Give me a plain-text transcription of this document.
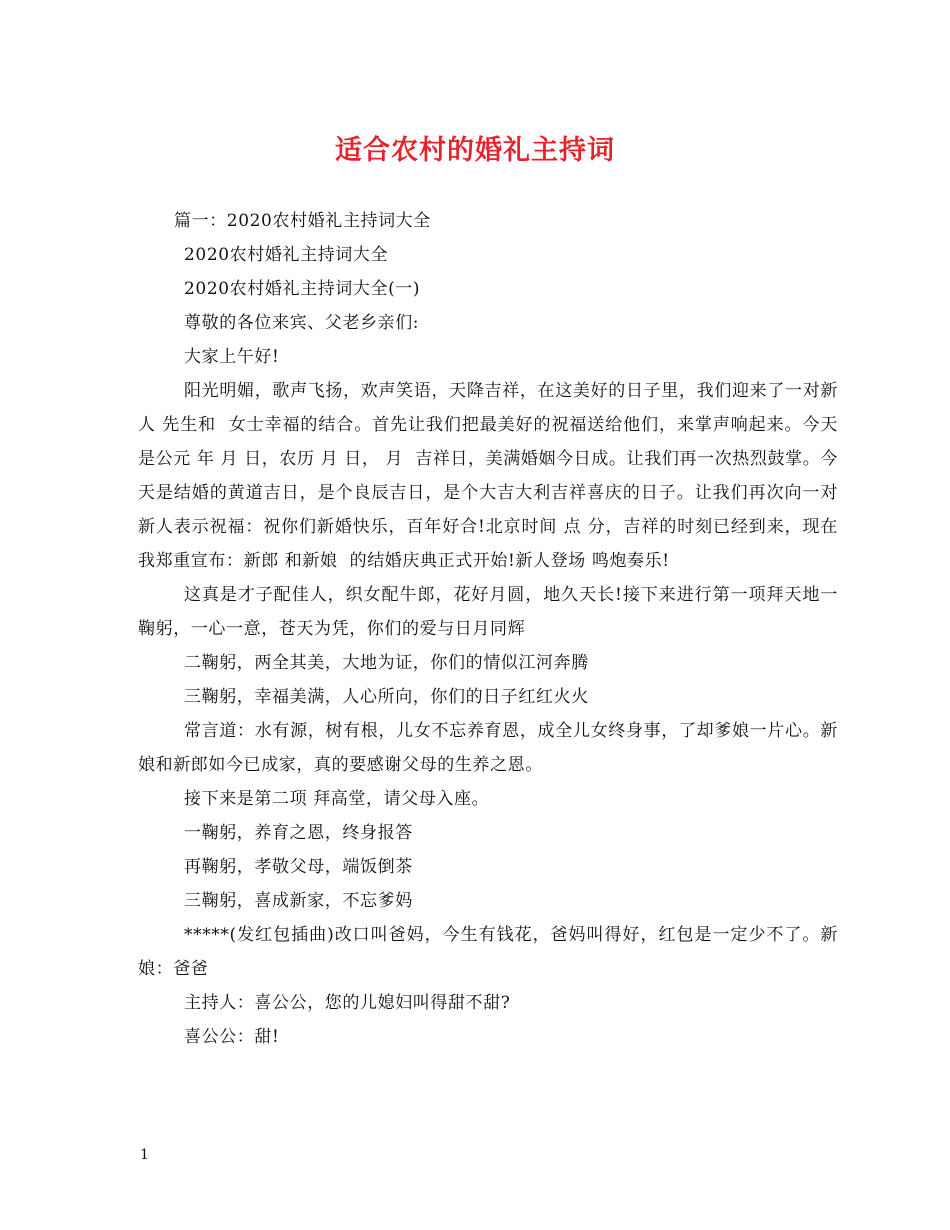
适合农村的婚礼主持词

篇一：2020农村婚礼主持词大全

2020农村婚礼主持词大全

2020农村婚礼主持词大全(一)

尊敬的各位来宾、父老乡亲们:

大家上午好!

阳光明媚，歌声飞扬，欢声笑语，天降吉祥，在这美好的日子里，我们迎来了一对新人 先生和  女士幸福的结合。首先让我们把最美好的祝福送给他们，来掌声响起来。今天是公元 年 月 日，农历 月 日， 月  吉祥日，美满婚姻今日成。让我们再一次热烈鼓掌。今天是结婚的黄道吉日，是个良辰吉日，是个大吉大利吉祥喜庆的日子。让我们再次向一对新人表示祝福：祝你们新婚快乐，百年好合!北京时间 点 分，吉祥的时刻已经到来，现在我郑重宣布：新郎 和新娘  的结婚庆典正式开始!新人登场 鸣炮奏乐!

这真是才子配佳人，织女配牛郎，花好月圆，地久天长!接下来进行第一项拜天地一鞠躬，一心一意，苍天为凭，你们的爱与日月同辉

二鞠躬，两全其美，大地为证，你们的情似江河奔腾

三鞠躬，幸福美满，人心所向，你们的日子红红火火

常言道：水有源，树有根，儿女不忘养育恩，成全儿女终身事，了却爹娘一片心。新娘和新郎如今已成家，真的要感谢父母的生养之恩。

接下来是第二项 拜高堂，请父母入座。

一鞠躬，养育之恩，终身报答

再鞠躬，孝敬父母，端饭倒茶

三鞠躬，喜成新家，不忘爹妈

*****(发红包插曲)改口叫爸妈，今生有钱花，爸妈叫得好，红包是一定少不了。新 娘：爸爸

主持人：喜公公，您的儿媳妇叫得甜不甜?

喜公公：甜!

1
